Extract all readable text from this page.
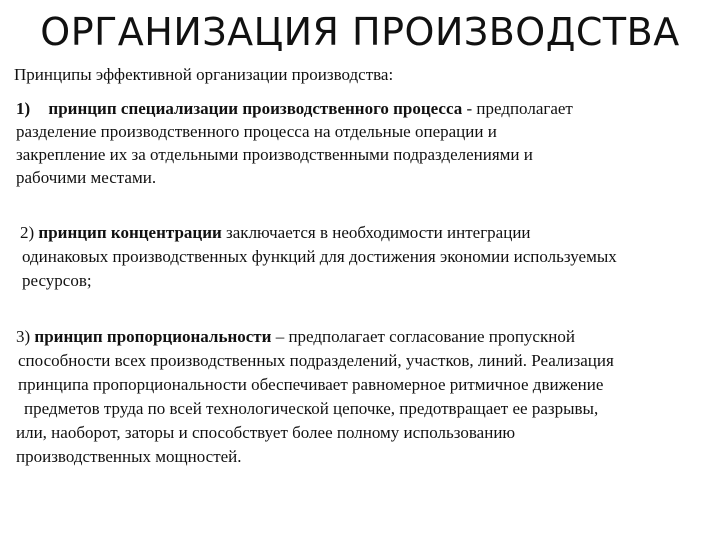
ОРГАНИЗАЦИЯ ПРОИЗВОДСТВА
Принципы эффективной организации производства:
1) принцип специализации производственного процесса - предполагает
разделение производственного процесса на отдельные операции и
закрепление их за отдельными производственными подразделениями и
рабочими местами.
2) принцип концентрации заключается в необходимости интеграции
одинаковых производственных функций для достижения экономии используемых
ресурсов;
3) принцип пропорциональности – предполагает согласование пропускной
способности всех производственных подразделений, участков, линий. Реализация
принципа пропорциональности обеспечивает равномерное ритмичное движение
предметов труда по всей технологической цепочке, предотвращает ее разрывы,
или, наоборот, заторы и способствует более полному использованию
производственных мощностей.
